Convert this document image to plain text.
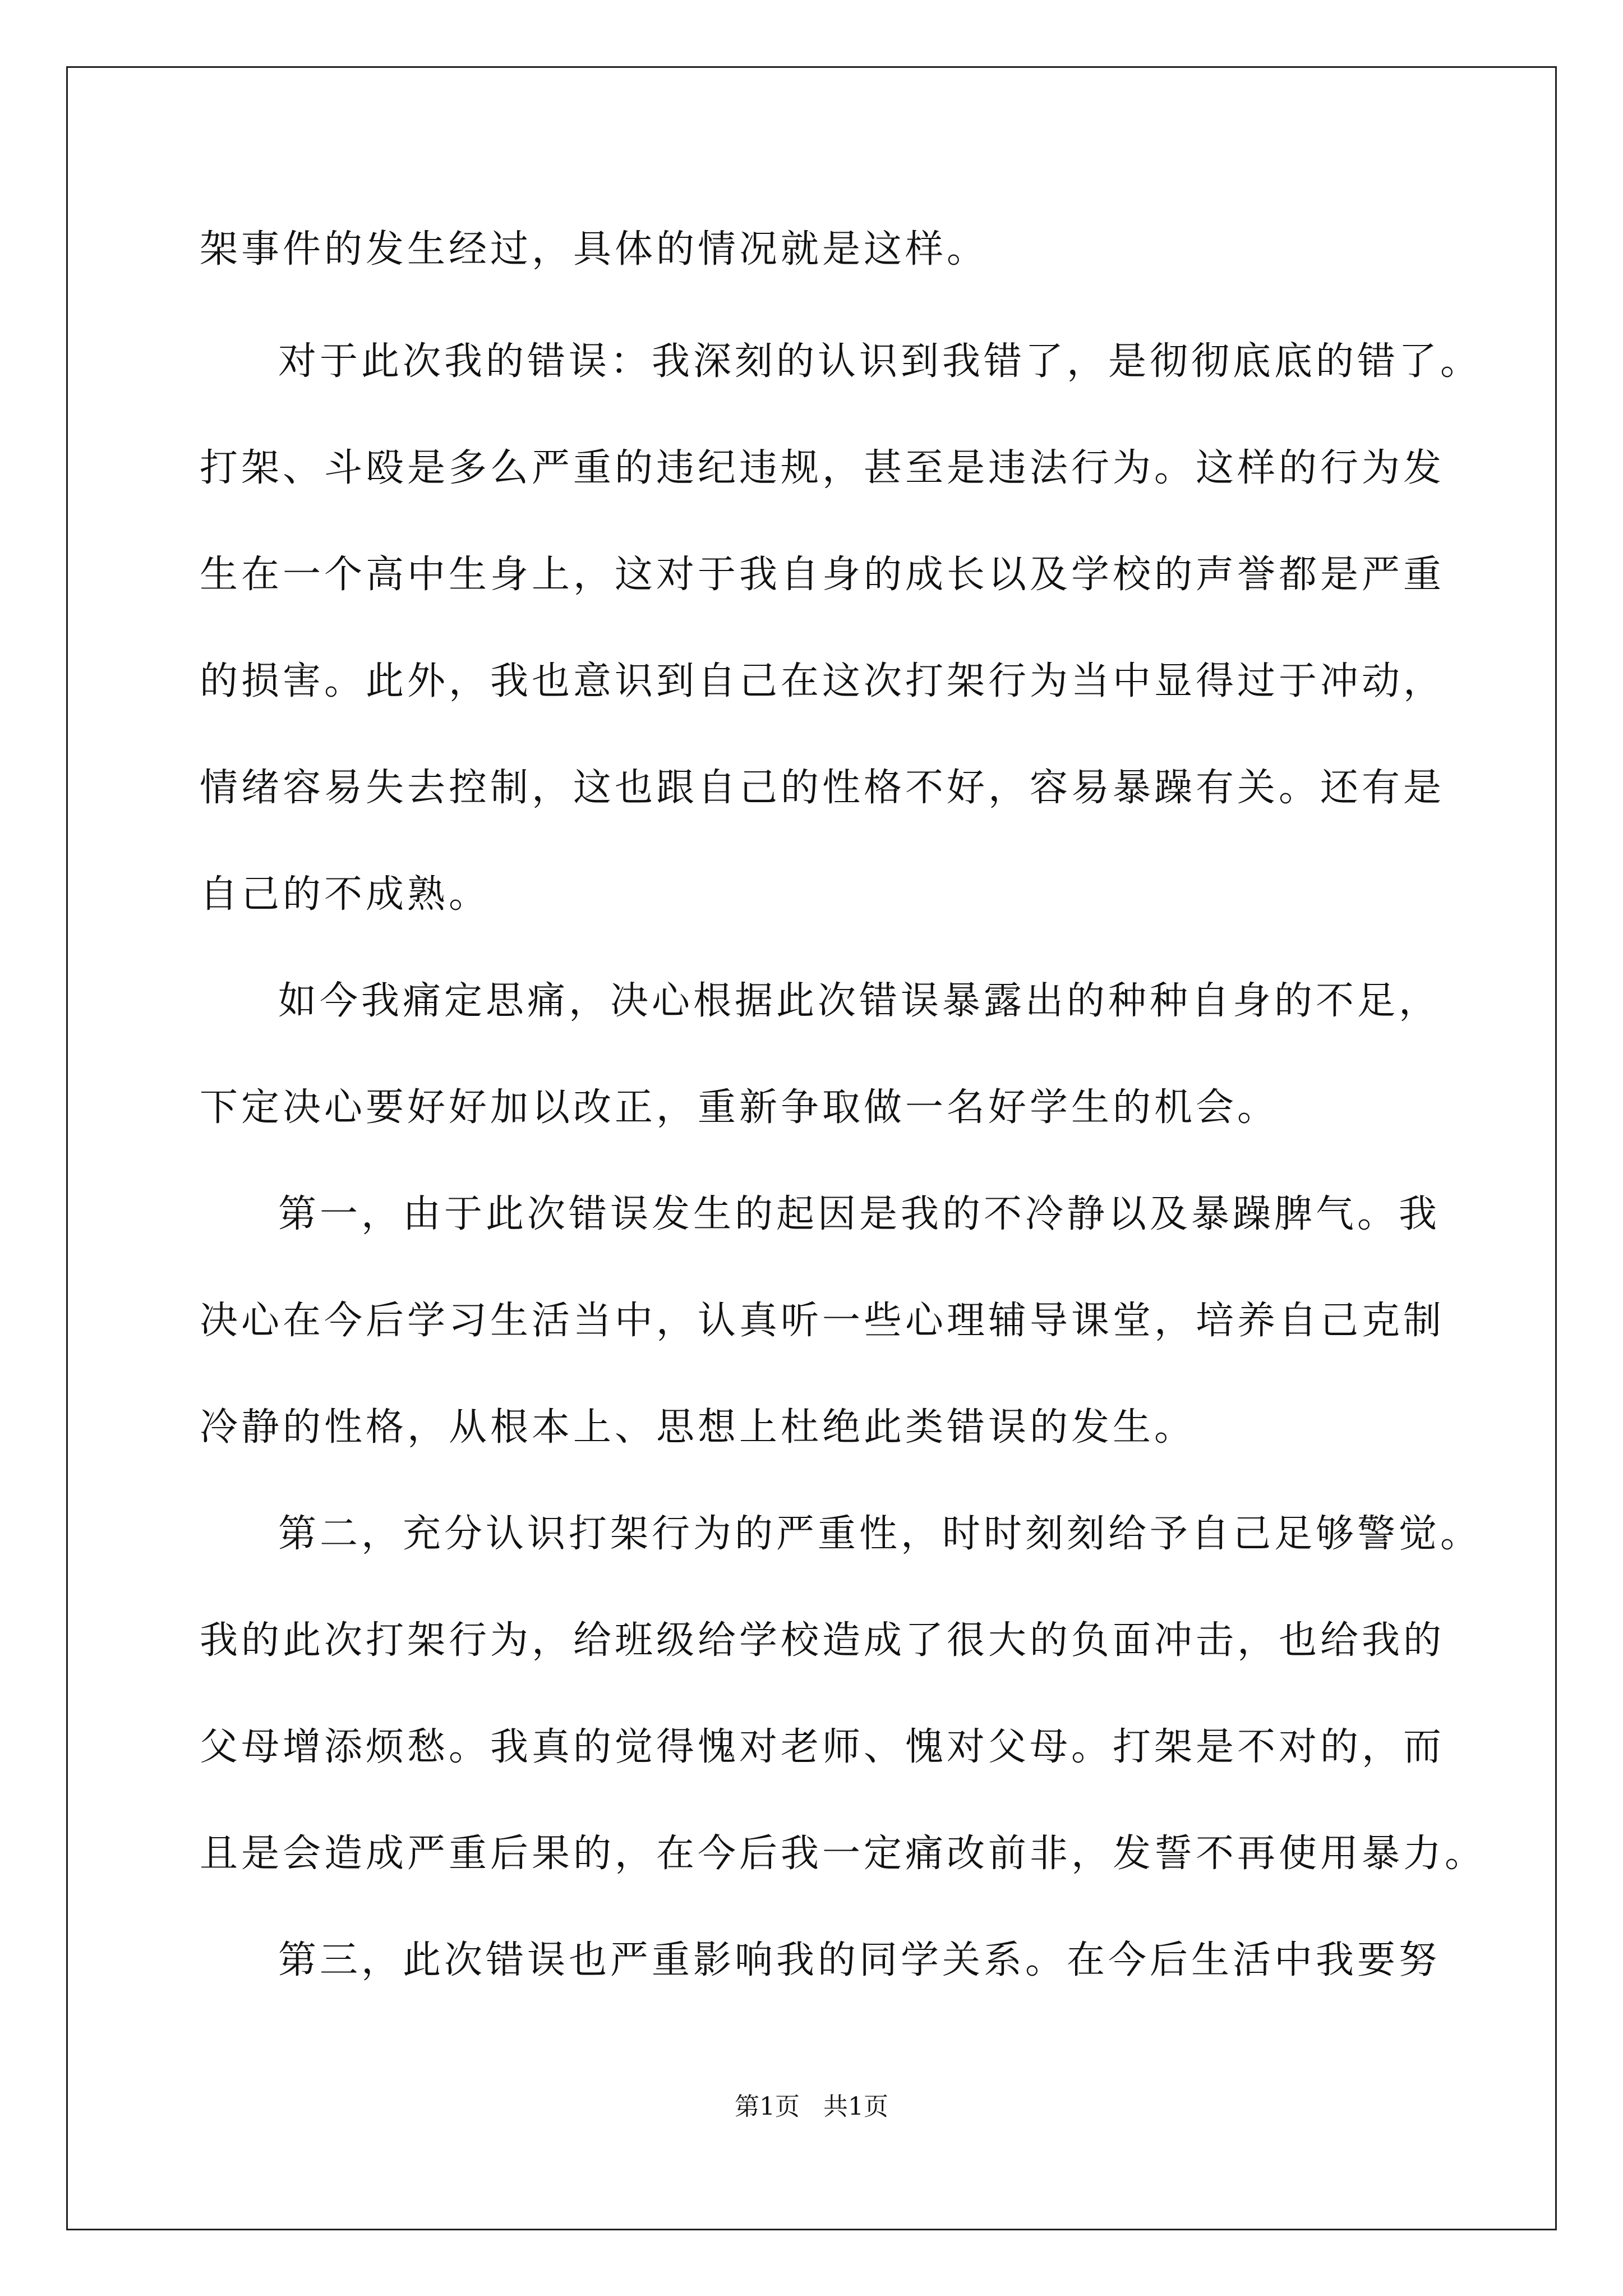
架事件的发生经过，具体的情况就是这样。
对于此次我的错误：我深刻的认识到我错了，是彻彻底底的错了。
打架、斗殴是多么严重的违纪违规，甚至是违法行为。这样的行为发
生在一个高中生身上，这对于我自身的成长以及学校的声誉都是严重
的损害。此外，我也意识到自己在这次打架行为当中显得过于冲动，
情绪容易失去控制，这也跟自己的性格不好，容易暴躁有关。还有是
自己的不成熟。
如今我痛定思痛，决心根据此次错误暴露出的种种自身的不足，
下定决心要好好加以改正，重新争取做一名好学生的机会。
第一，由于此次错误发生的起因是我的不冷静以及暴躁脾气。我
决心在今后学习生活当中，认真听一些心理辅导课堂，培养自己克制
冷静的性格，从根本上、思想上杜绝此类错误的发生。
第二，充分认识打架行为的严重性，时时刻刻给予自己足够警觉。
我的此次打架行为，给班级给学校造成了很大的负面冲击，也给我的
父母增添烦愁。我真的觉得愧对老师、愧对父母。打架是不对的，而
且是会造成严重后果的，在今后我一定痛改前非，发誓不再使用暴力。
第三，此次错误也严重影响我的同学关系。在今后生活中我要努
第1页   共1页
